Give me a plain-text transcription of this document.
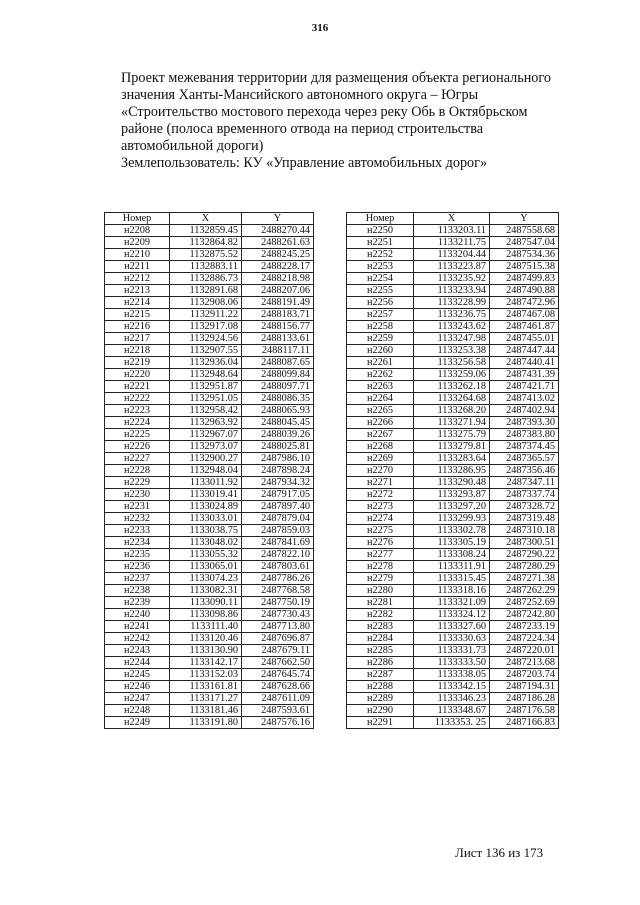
316
Проект межевания территории для размещения объекта регионального
значения Ханты-Мансийского автономного округа – Югры
«Строительство мостового перехода через реку Обь в Октябрьском
районе (полоса временного отвода на период строительства
автомобильной дороги)
Землепользователь: КУ «Управление автомобильных дорог»
Номер	X	Y
н2208	1132859.45	2488270.44
н2209	1132864.82	2488261.63
н2210	1132875.52	2488245.25
н2211	1132883.11	2488228.17
н2212	1132886.73	2488218.98
н2213	1132891.68	2488207.06
н2214	1132908.06	2488191.49
н2215	1132911.22	2488183.71
н2216	1132917.08	2488156.77
н2217	1132924.56	2488133.61
н2218	1132907.55	2488117.11
н2219	1132936.04	2488087.65
н2220	1132948.64	2488099.84
н2221	1132951.87	2488097.71
н2222	1132951.05	2488086.35
н2223	1132958.42	2488065.93
н2224	1132963.92	2488045.45
н2225	1132967.07	2488039.26
н2226	1132973.07	2488025.81
н2227	1132900.27	2487986.10
н2228	1132948.04	2487898.24
н2229	1133011.92	2487934.32
н2230	1133019.41	2487917.05
н2231	1133024.89	2487897.40
н2232	1133033.01	2487879.04
н2233	1133038.75	2487859.03
н2234	1133048.02	2487841.69
н2235	1133055.32	2487822.10
н2236	1133065.01	2487803.61
н2237	1133074.23	2487786.26
н2238	1133082.31	2487768.58
н2239	1133090.11	2487750.19
н2240	1133098.86	2487730.43
н2241	1133111.40	2487713.80
н2242	1133120.46	2487696.87
н2243	1133130.90	2487679.11
н2244	1133142.17	2487662.50
н2245	1133152.03	2487645.74
н2246	1133161.81	2487628.66
н2247	1133171.27	2487611.09
н2248	1133181.46	2487593.61
н2249	1133191.80	2487576.16
Номер	X	Y
н2250	1133203.11	2487558.68
н2251	1133211.75	2487547.04
н2252	1133204.44	2487534.36
н2253	1133223.87	2487515.38
н2254	1133235.92	2487499.83
н2255	1133233.94	2487490.88
н2256	1133228.99	2487472.96
н2257	1133236.75	2487467.08
н2258	1133243.62	2487461.87
н2259	1133247.98	2487455.01
н2260	1133253.38	2487447.44
н2261	1133256.58	2487440.41
н2262	1133259.06	2487431.39
н2263	1133262.18	2487421.71
н2264	1133264.68	2487413.02
н2265	1133268.20	2487402.94
н2266	1133271.94	2487393.30
н2267	1133275.79	2487383.80
н2268	1133279.81	2487374.45
н2269	1133283.64	2487365.57
н2270	1133286.95	2487356.46
н2271	1133290.48	2487347.11
н2272	1133293.87	2487337.74
н2273	1133297.20	2487328.72
н2274	1133299.93	2487319.48
н2275	1133302.78	2487310.18
н2276	1133305.19	2487300.51
н2277	1133308.24	2487290.22
н2278	1133311.91	2487280.29
н2279	1133315.45	2487271.38
н2280	1133318.16	2487262.29
н2281	1133321.09	2487252.69
н2282	1133324.12	2487242.80
н2283	1133327.60	2487233.19
н2284	1133330.63	2487224.34
н2285	1133331.73	2487220.01
н2286	1133333.50	2487213.68
н2287	1133338.05	2487203.74
н2288	1133342.15	2487194.31
н2289	1133346.23	2487186.28
н2290	1133348.67	2487176.58
н2291	1133353. 25	2487166.83
Лист 136 из 173
